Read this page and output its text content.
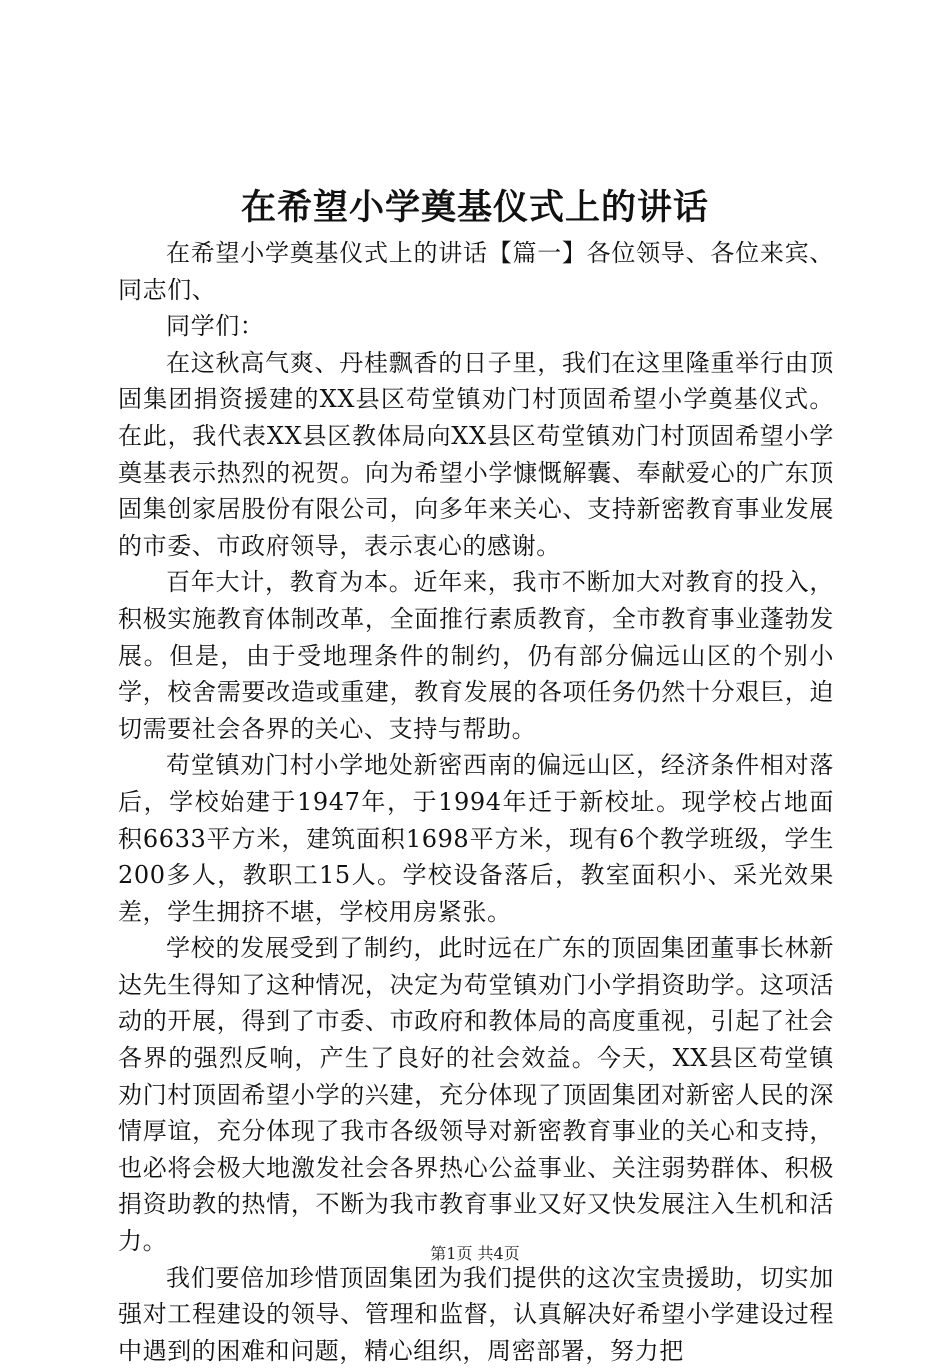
在希望小学奠基仪式上的讲话

在希望小学奠基仪式上的讲话【篇一】各位领导、各位来宾、同志们、

同学们：

在这秋高气爽、丹桂飘香的日子里，我们在这里隆重举行由顶固集团捐资援建的XX县区苟堂镇劝门村顶固希望小学奠基仪式。在此，我代表XX县区教体局向XX县区苟堂镇劝门村顶固希望小学奠基表示热烈的祝贺。向为希望小学慷慨解囊、奉献爱心的广东顶固集创家居股份有限公司，向多年来关心、支持新密教育事业发展的市委、市政府领导，表示衷心的感谢。

百年大计，教育为本。近年来，我市不断加大对教育的投入，积极实施教育体制改革，全面推行素质教育，全市教育事业蓬勃发展。但是，由于受地理条件的制约，仍有部分偏远山区的个别小学，校舍需要改造或重建，教育发展的各项任务仍然十分艰巨，迫切需要社会各界的关心、支持与帮助。

苟堂镇劝门村小学地处新密西南的偏远山区，经济条件相对落后，学校始建于1947年，于1994年迁于新校址。现学校占地面积6633平方米，建筑面积1698平方米，现有6个教学班级，学生200多人，教职工15人。学校设备落后，教室面积小、采光效果差，学生拥挤不堪，学校用房紧张。

学校的发展受到了制约，此时远在广东的顶固集团董事长林新达先生得知了这种情况，决定为苟堂镇劝门小学捐资助学。这项活动的开展，得到了市委、市政府和教体局的高度重视，引起了社会各界的强烈反响，产生了良好的社会效益。今天，XX县区苟堂镇劝门村顶固希望小学的兴建，充分体现了顶固集团对新密人民的深情厚谊，充分体现了我市各级领导对新密教育事业的关心和支持，也必将会极大地激发社会各界热心公益事业、关注弱势群体、积极捐资助教的热情，不断为我市教育事业又好又快发展注入生机和活力。

我们要倍加珍惜顶固集团为我们提供的这次宝贵援助，切实加强对工程建设的领导、管理和监督，认真解决好希望小学建设过程中遇到的困难和问题，精心组织，周密部署，努力把

第1页 共4页
